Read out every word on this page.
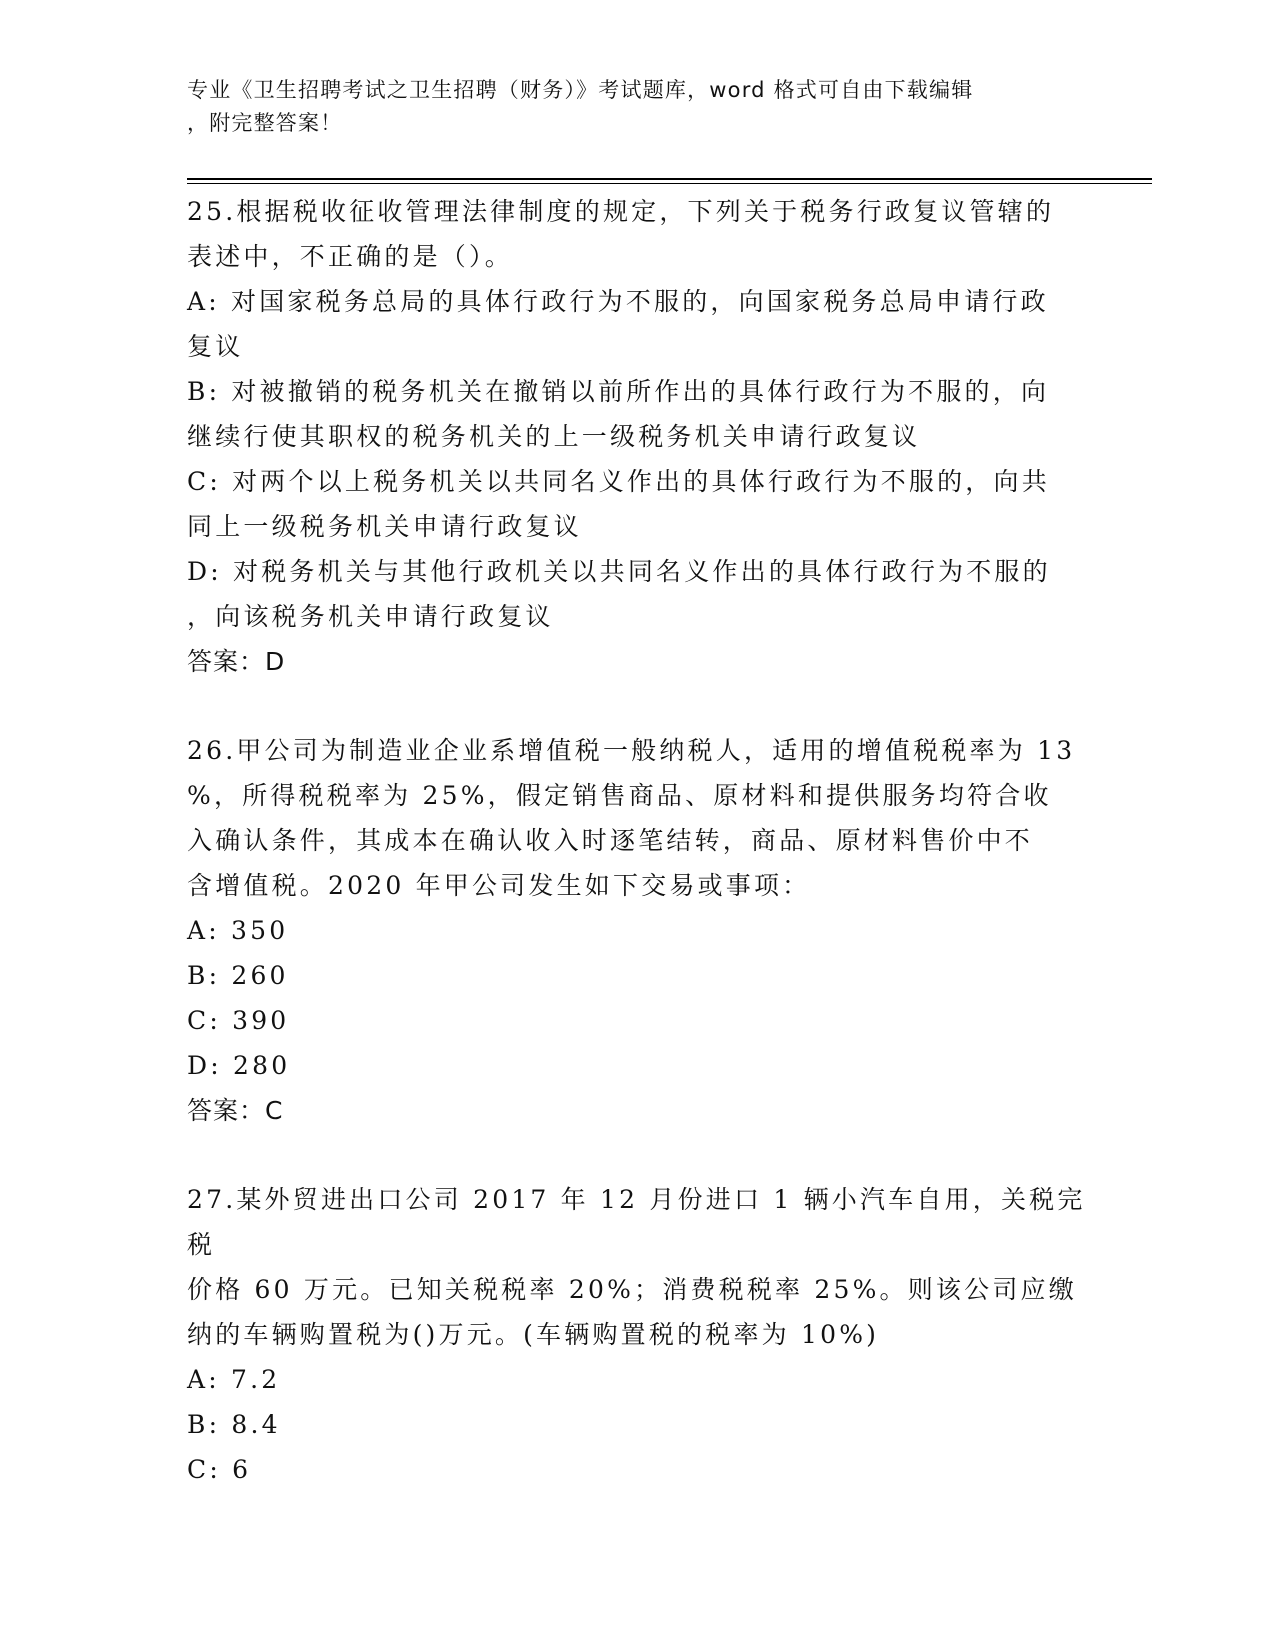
专业《卫生招聘考试之卫生招聘（财务）》考试题库，word 格式可自由下载编辑
，附完整答案！

25.根据税收征收管理法律制度的规定，下列关于税务行政复议管辖的

表述中，不正确的是（）。

A: 对国家税务总局的具体行政行为不服的，向国家税务总局申请行政

复议

B: 对被撤销的税务机关在撤销以前所作出的具体行政行为不服的，向

继续行使其职权的税务机关的上一级税务机关申请行政复议

C: 对两个以上税务机关以共同名义作出的具体行政行为不服的，向共

同上一级税务机关申请行政复议

D: 对税务机关与其他行政机关以共同名义作出的具体行政行为不服的

，向该税务机关申请行政复议

答案：D

26.甲公司为制造业企业系增值税一般纳税人，适用的增值税税率为 13

%，所得税税率为 25%，假定销售商品、原材料和提供服务均符合收

入确认条件，其成本在确认收入时逐笔结转，商品、原材料售价中不

含增值税。2020 年甲公司发生如下交易或事项：

A: 350

B: 260

C: 390

D: 280

答案：C

27.某外贸进出口公司 2017 年 12 月份进口 1 辆小汽车自用，关税完税

价格 60 万元。已知关税税率 20%；消费税税率 25%。则该公司应缴

纳的车辆购置税为()万元。(车辆购置税的税率为 10%)

A: 7.2

B: 8.4

C: 6
